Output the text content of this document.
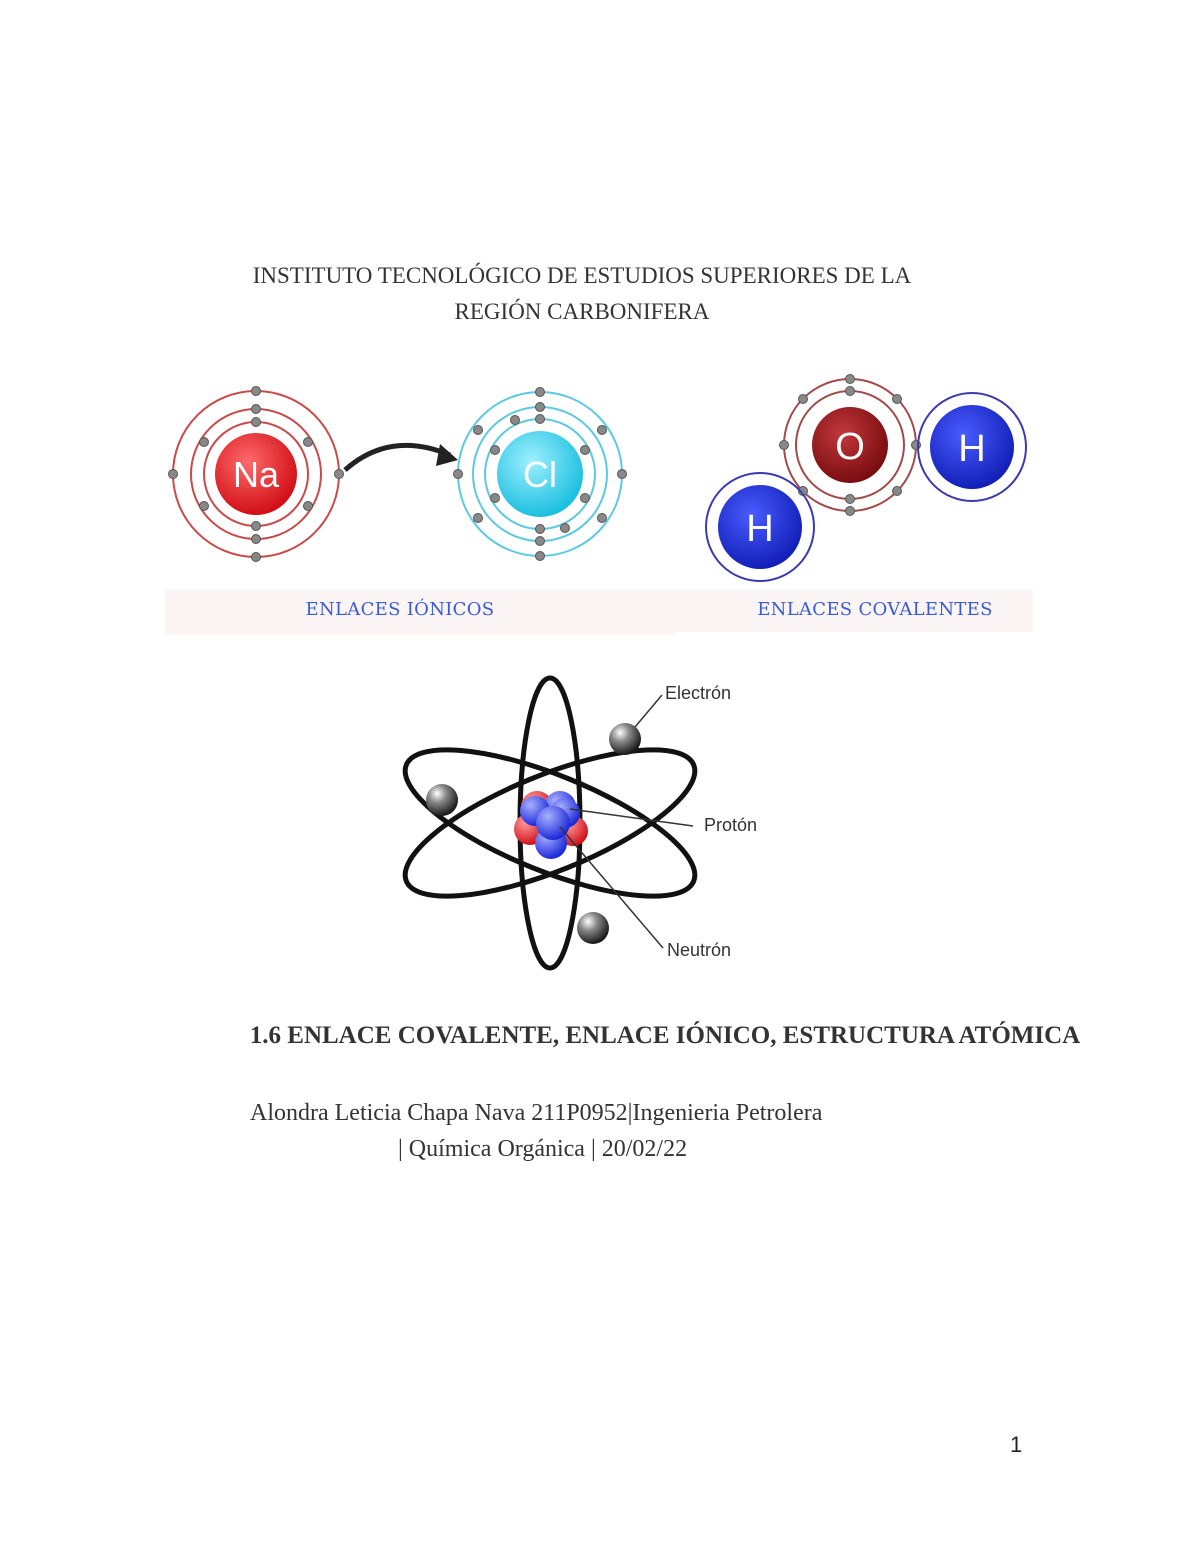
INSTITUTO TECNOLÓGICO DE ESTUDIOS SUPERIORES DE LA
REGIÓN CARBONIFERA
Na	Cl
ENLACES IÓNICOS
O H
H
ENLACES COVALENTES
Electrón
Protón
Neutrón
1.6 ENLACE COVALENTE, ENLACE IÓNICO, ESTRUCTURA ATÓMICA
Alondra Leticia Chapa Nava 211P0952|Ingenieria Petrolera
| Química Orgánica | 20/02/22
1
